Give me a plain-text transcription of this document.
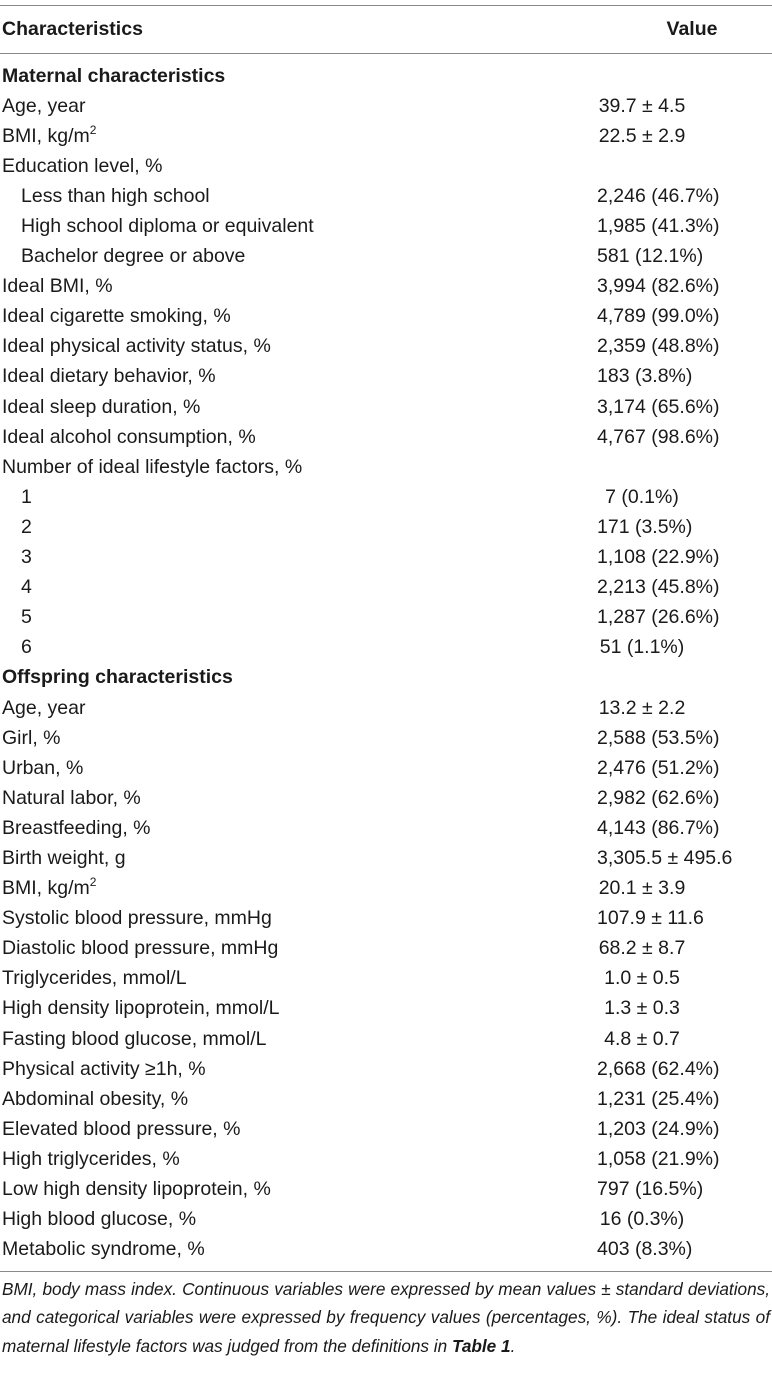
Characteristics	Value
Maternal characteristics
Age, year	39.7 ± 4.5
BMI, $kg/m^2$	22.5 ± 2.9
Education level, %
Less than high school	2,246 (46.7%)
High school diploma or equivalent	1,985 (41.3%)
Bachelor degree or above	581 (12.1%)
Ideal BMI, %	3,994 (82.6%)
Ideal cigarette smoking, %	4,789 (99.0%)
Ideal physical activity status, %	2,359 (48.8%)
Ideal dietary behavior, %	183 (3.8%)
Ideal sleep duration, %	3,174 (65.6%)
Ideal alcohol consumption, %	4,767 (98.6%)
Number of ideal lifestyle factors, %
1	7 (0.1%)
2	171 (3.5%)
3	1,108 (22.9%)
4	2,213 (45.8%)
5	1,287 (26.6%)
6	51 (1.1%)
Offspring characteristics
Age, year	13.2 ± 2.2
Girl, %	2,588 (53.5%)
Urban, %	2,476 (51.2%)
Natural labor, %	2,982 (62.6%)
Breastfeeding, %	4,143 (86.7%)
Birth weight, g	3,305.5 ± 495.6
BMI, $kg/m^2$	20.1 ± 3.9
Systolic blood pressure, mmHg	107.9 ± 11.6
Diastolic blood pressure, mmHg	68.2 ± 8.7
Triglycerides, mmol/L	1.0 ± 0.5
High density lipoprotein, mmol/L	1.3 ± 0.3
Fasting blood glucose, mmol/L	4.8 ± 0.7
Physical activity ≥1h, %	2,668 (62.4%)
Abdominal obesity, %	1,231 (25.4%)
Elevated blood pressure, %	1,203 (24.9%)
High triglycerides, %	1,058 (21.9%)
Low high density lipoprotein, %	797 (16.5%)
High blood glucose, %	16 (0.3%)
Metabolic syndrome, %	403 (8.3%)
BMI, body mass index. Continuous variables were expressed by mean values ± standard deviations, and categorical variables were expressed by frequency values (percentages, %). The ideal status of maternal lifestyle factors was judged from the definitions in Table 1.
